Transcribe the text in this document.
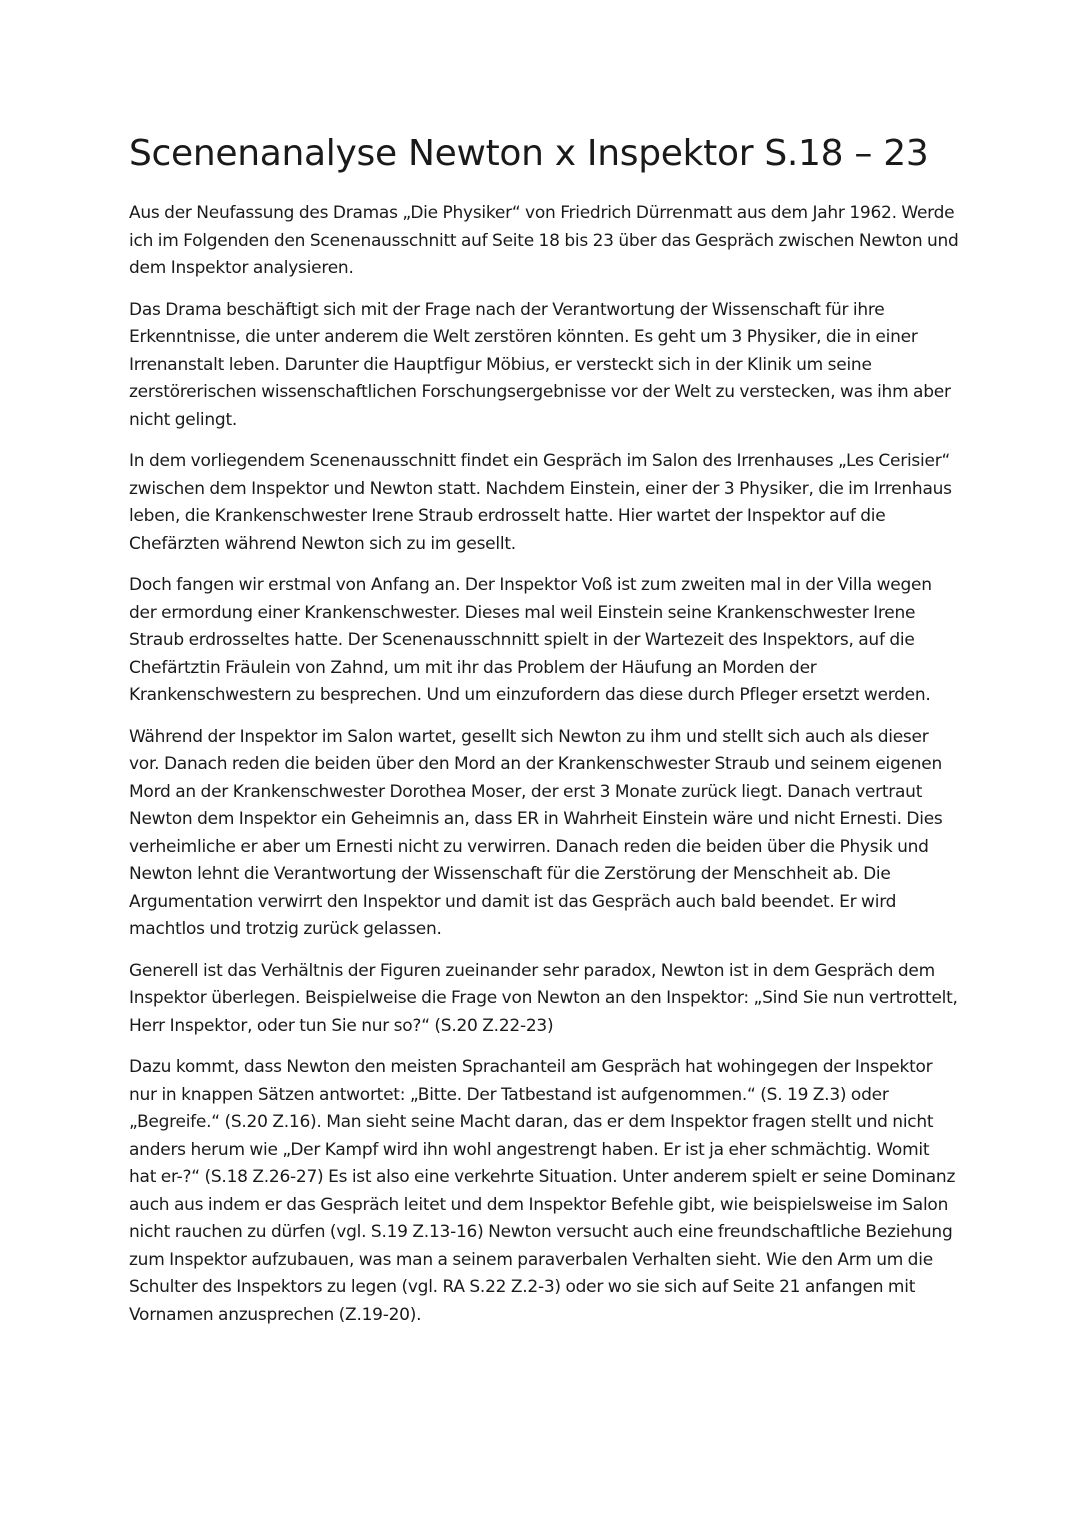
Scenenanalyse Newton x Inspektor S.18 – 23

Aus der Neufassung des Dramas „Die Physiker“ von Friedrich Dürrenmatt aus dem Jahr 1962. Werde ich im Folgenden den Scenenausschnitt auf Seite 18 bis 23 über das Gespräch zwischen Newton und dem Inspektor analysieren.

Das Drama beschäftigt sich mit der Frage nach der Verantwortung der Wissenschaft für ihre Erkenntnisse, die unter anderem die Welt zerstören könnten. Es geht um 3 Physiker, die in einer Irrenanstalt leben. Darunter die Hauptfigur Möbius, er versteckt sich in der Klinik um seine zerstörerischen wissenschaftlichen Forschungsergebnisse vor der Welt zu verstecken, was ihm aber nicht gelingt.

In dem vorliegendem Scenenausschnitt findet ein Gespräch im Salon des Irrenhauses „Les Cerisier“ zwischen dem Inspektor und Newton statt. Nachdem Einstein, einer der 3 Physiker, die im Irrenhaus leben, die Krankenschwester Irene Straub erdrosselt hatte. Hier wartet der Inspektor auf die Chefärzten während Newton sich zu im gesellt.

Doch fangen wir erstmal von Anfang an. Der Inspektor Voß ist zum zweiten mal in der Villa wegen der ermordung einer Krankenschwester. Dieses mal weil Einstein seine Krankenschwester Irene Straub erdrosseltes hatte. Der Scenenausschnnitt spielt in der Wartezeit des Inspektors, auf die Chefärtztin Fräulein von Zahnd, um mit ihr das Problem der Häufung an Morden der Krankenschwestern zu besprechen. Und um einzufordern das diese durch Pfleger ersetzt werden.

Während der Inspektor im Salon wartet, gesellt sich Newton zu ihm und stellt sich auch als dieser vor. Danach reden die beiden über den Mord an der Krankenschwester Straub und seinem eigenen Mord an der Krankenschwester Dorothea Moser, der erst 3 Monate zurück liegt. Danach vertraut Newton dem Inspektor ein Geheimnis an, dass ER in Wahrheit Einstein wäre und nicht Ernesti. Dies verheimliche er aber um Ernesti nicht zu verwirren. Danach reden die beiden über die Physik und Newton lehnt die Verantwortung der Wissenschaft für die Zerstörung der Menschheit ab. Die Argumentation verwirrt den Inspektor und damit ist das Gespräch auch bald beendet. Er wird machtlos und trotzig zurück gelassen.

Generell ist das Verhältnis der Figuren zueinander sehr paradox, Newton ist in dem Gespräch dem Inspektor überlegen. Beispielweise die Frage von Newton an den Inspektor: „Sind Sie nun vertrottelt, Herr Inspektor, oder tun Sie nur so?“ (S.20 Z.22-23)

Dazu kommt, dass Newton den meisten Sprachanteil am Gespräch hat wohingegen der Inspektor nur in knappen Sätzen antwortet: „Bitte. Der Tatbestand ist aufgenommen.“ (S. 19 Z.3) oder „Begreife.“ (S.20 Z.16). Man sieht seine Macht daran, das er dem Inspektor fragen stellt und nicht anders herum wie „Der Kampf wird ihn wohl angestrengt haben. Er ist ja eher schmächtig. Womit hat er-?“ (S.18 Z.26-27) Es ist also eine verkehrte Situation. Unter anderem spielt er seine Dominanz auch aus indem er das Gespräch leitet und dem Inspektor Befehle gibt, wie beispielsweise im Salon nicht rauchen zu dürfen (vgl. S.19 Z.13-16) Newton versucht auch eine freundschaftliche Beziehung zum Inspektor aufzubauen, was man a seinem paraverbalen Verhalten sieht. Wie den Arm um die Schulter des Inspektors zu legen (vgl. RA S.22 Z.2-3) oder wo sie sich auf Seite 21 anfangen mit Vornamen anzusprechen (Z.19-20).
